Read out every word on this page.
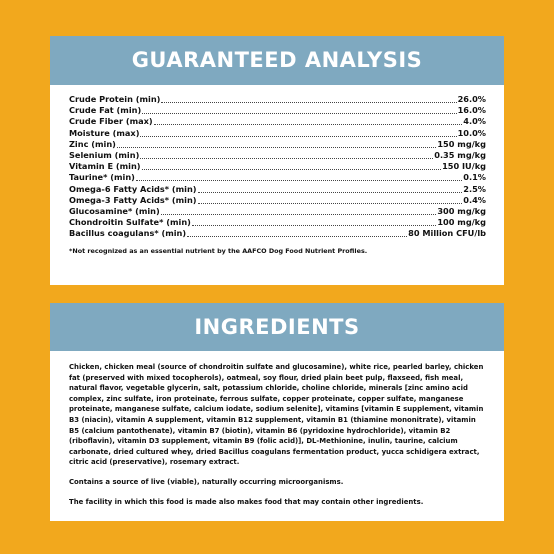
GUARANTEED ANALYSIS
Crude Protein (min)	26.0%
Crude Fat (min)	16.0%
Crude Fiber (max)	4.0%
Moisture (max)	10.0%
Zinc (min)	150 mg/kg
Selenium (min)	0.35 mg/kg
Vitamin E (min)	150 IU/kg
Taurine* (min)	0.1%
Omega-6 Fatty Acids* (min)	2.5%
Omega-3 Fatty Acids* (min)	0.4%
Glucosamine* (min)	300 mg/kg
Chondroitin Sulfate* (min)	100 mg/kg
Bacillus coagulans* (min)	80 Million CFU/lb
*Not recognized as an essential nutrient by the AAFCO Dog Food Nutrient Profiles.
INGREDIENTS

Chicken, chicken meal (source of chondroitin sulfate and glucosamine), white rice, pearled barley, chicken fat (preserved with mixed tocopherols), oatmeal, soy flour, dried plain beet pulp, flaxseed, fish meal, natural flavor, vegetable glycerin, salt, potassium chloride, choline chloride, minerals [zinc amino acid complex, zinc sulfate, iron proteinate, ferrous sulfate, copper proteinate, copper sulfate, manganese proteinate, manganese sulfate, calcium iodate, sodium selenite], vitamins [vitamin E supplement, vitamin B3 (niacin), vitamin A supplement, vitamin B12 supplement, vitamin B1 (thiamine mononitrate), vitamin B5 (calcium pantothenate), vitamin B7 (biotin), vitamin B6 (pyridoxine hydrochloride), vitamin B2 (riboflavin), vitamin D3 supplement, vitamin B9 (folic acid)], DL-Methionine, inulin, taurine, calcium carbonate, dried cultured whey, dried Bacillus coagulans fermentation product, yucca schidigera extract, citric acid (preservative), rosemary extract.

Contains a source of live (viable), naturally occurring microorganisms.

The facility in which this food is made also makes food that may contain other ingredients.
